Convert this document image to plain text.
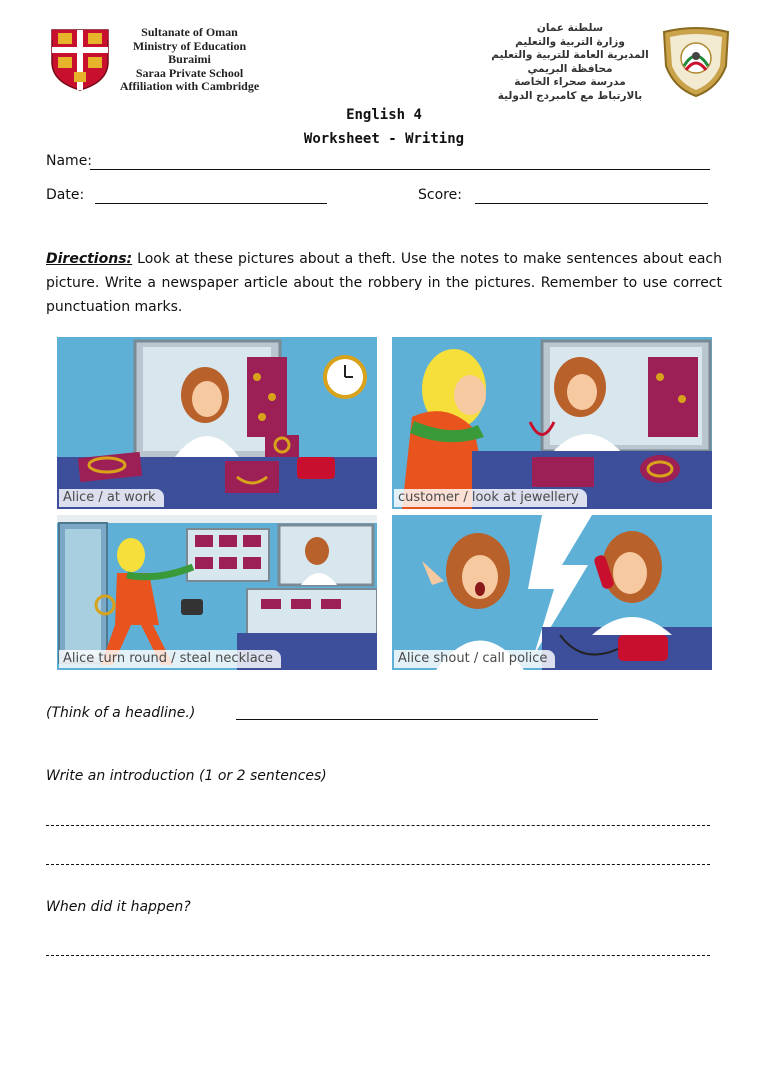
Sultanate of Oman
Ministry of Education
Buraimi
Saraa Private School
Affiliation with Cambridge
سلطنة عمان
وزارة التربية والتعليم
المديرية العامة للتربية والتعليم
محافظة البريمي
مدرسة صحراء الخاصة
بالارتباط مع كامبردج الدولية
English 4
Worksheet - Writing
Name:
Date:	Score:
Directions: Look at these pictures about a theft. Use the notes to make sentences about each picture. Write a newspaper article about the robbery in the pictures. Remember to use correct punctuation marks.
Alice / at work	customer / look at jewellery
Alice turn round / steal necklace	Alice shout / call police
(Think of a headline.)
Write an introduction (1 or 2 sentences)
When did it happen?
